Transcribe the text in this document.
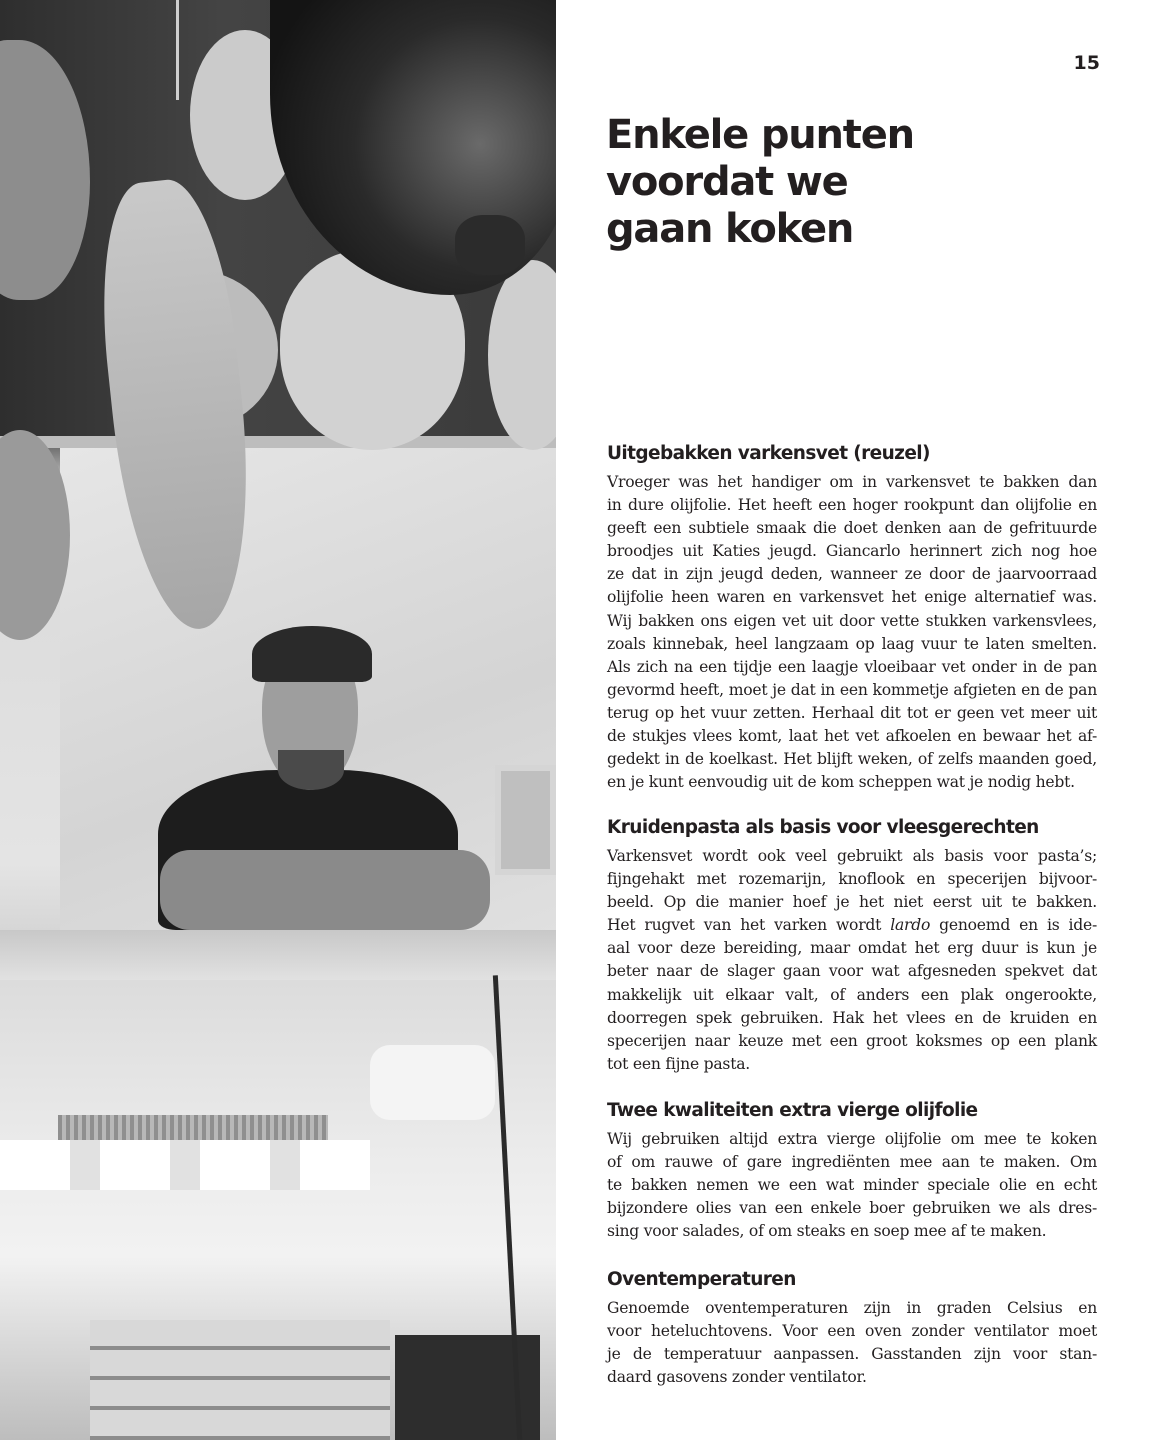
15
Enkele punten
voordat we
gaan koken
Uitgebakken varkensvet (reuzel)

Vroeger was het handiger om in varkensvet te bakken dan
in dure olijfolie. Het heeft een hoger rookpunt dan olijfolie en
geeft een subtiele smaak die doet denken aan de gefrituurde
broodjes uit Katies jeugd. Giancarlo herinnert zich nog hoe
ze dat in zijn jeugd deden, wanneer ze door de jaarvoorraad
olijfolie heen waren en varkensvet het enige alternatief was.
Wij bakken ons eigen vet uit door vette stukken varkensvlees,
zoals kinnebak, heel langzaam op laag vuur te laten smelten.
Als zich na een tijdje een laagje vloeibaar vet onder in de pan
gevormd heeft, moet je dat in een kommetje afgieten en de pan
terug op het vuur zetten. Herhaal dit tot er geen vet meer uit
de stukjes vlees komt, laat het vet afkoelen en bewaar het af-
gedekt in de koelkast. Het blijft weken, of zelfs maanden goed,
en je kunt eenvoudig uit de kom scheppen wat je nodig hebt.

Kruidenpasta als basis voor vleesgerechten

Varkensvet wordt ook veel gebruikt als basis voor pasta’s;
fijngehakt met rozemarijn, knoflook en specerijen bijvoor-
beeld. Op die manier hoef je het niet eerst uit te bakken.
Het rugvet van het varken wordt lardo genoemd en is ide-
aal voor deze bereiding, maar omdat het erg duur is kun je
beter naar de slager gaan voor wat afgesneden spekvet dat
makkelijk uit elkaar valt, of anders een plak ongerookte,
doorregen spek gebruiken. Hak het vlees en de kruiden en
specerijen naar keuze met een groot koksmes op een plank
tot een fijne pasta.

Twee kwaliteiten extra vierge olijfolie

Wij gebruiken altijd extra vierge olijfolie om mee te koken
of om rauwe of gare ingrediënten mee aan te maken. Om
te bakken nemen we een wat minder speciale olie en echt
bijzondere olies van een enkele boer gebruiken we als dres-
sing voor salades, of om steaks en soep mee af te maken.

Oventemperaturen

Genoemde oventemperaturen zijn in graden Celsius en
voor heteluchtovens. Voor een oven zonder ventilator moet
je de temperatuur aanpassen. Gasstanden zijn voor stan-
daard gasovens zonder ventilator.
